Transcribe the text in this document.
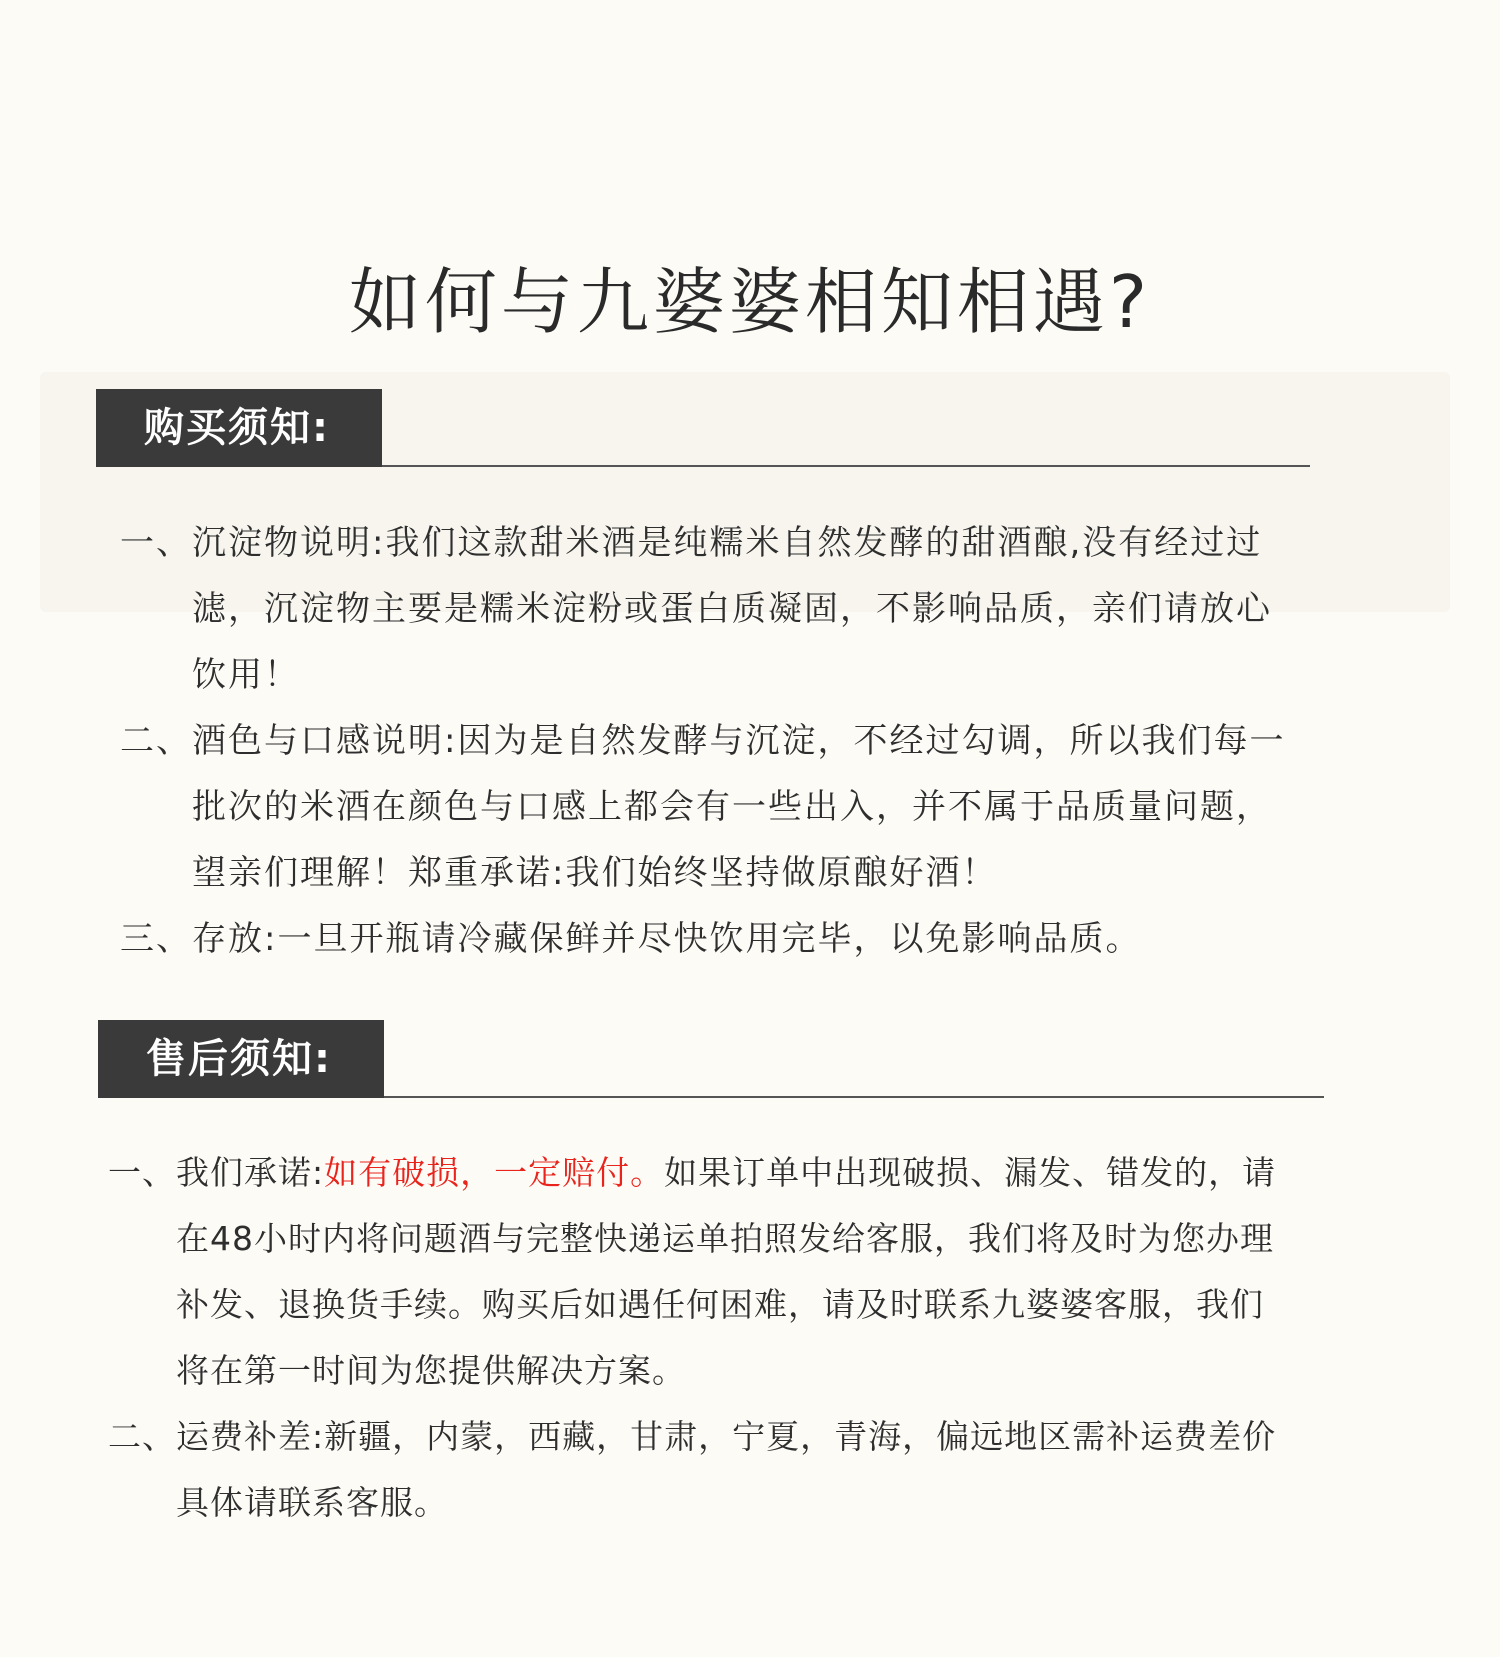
如何与九婆婆相知相遇?
购买须知:
一、 沉淀物说明:我们这款甜米酒是纯糯米自然发酵的甜酒酿,没有经过过滤，沉淀物主要是糯米淀粉或蛋白质凝固，不影响品质，亲们请放心饮用！
二、 酒色与口感说明:因为是自然发酵与沉淀，不经过勾调，所以我们每一批次的米酒在颜色与口感上都会有一些出入，并不属于品质量问题，望亲们理解！郑重承诺:我们始终坚持做原酿好酒！
三、 存放:一旦开瓶请冷藏保鲜并尽快饮用完毕，以免影响品质。
售后须知:
一、 我们承诺:如有破损，一定赔付。如果订单中出现破损、漏发、错发的，请在48小时内将问题酒与完整快递运单拍照发给客服，我们将及时为您办理补发、退换货手续。购买后如遇任何困难，请及时联系九婆婆客服，我们将在第一时间为您提供解决方案。
二、 运费补差:新疆，内蒙，西藏，甘肃，宁夏，青海，偏远地区需补运费差价具体请联系客服。
